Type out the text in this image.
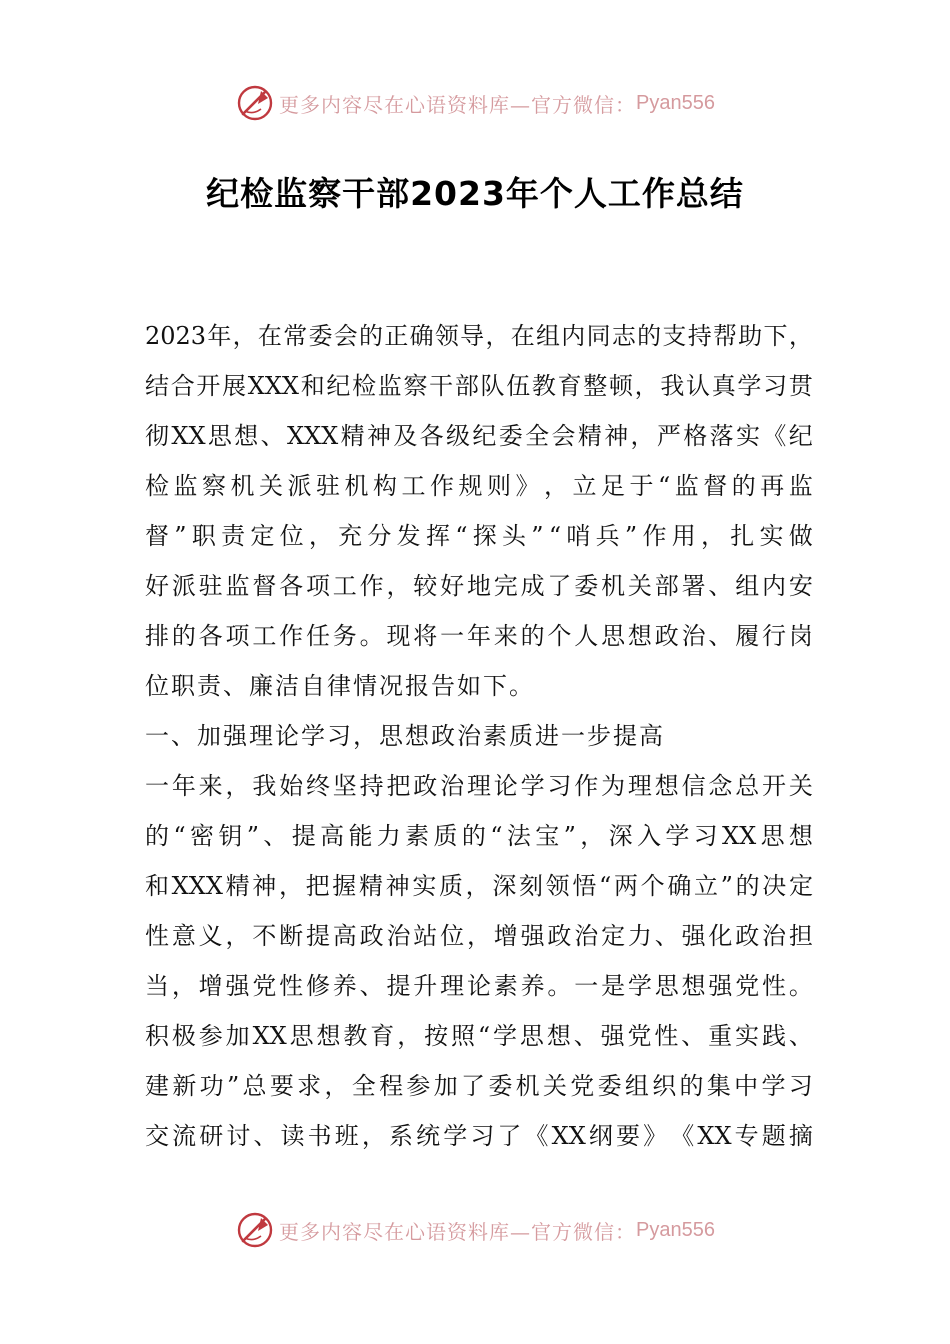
更多内容尽在心语资料库—官方微信： Pyan556
纪检监察干部2023年个人工作总结
2023 年 ， 在 常 委 会 的 正 确 领 导 ， 在 组 内 同 志 的 支 持 帮 助 下 ，
结 合 开 展 XXX 和 纪 检 监 察 干 部 队 伍 教 育 整 顿 ， 我 认 真 学 习 贯
彻 XX 思 想 、 XXX 精 神 及 各 级 纪 委 全 会 精 神 ， 严 格 落 实 《 纪
检 监 察 机 关 派 驻 机 构 工 作 规 则 》 ， 立 足 于 “ 监 督 的 再 监
督 ” 职 责 定 位 ， 充 分 发 挥 “ 探 头 ” “ 哨 兵 ” 作 用 ， 扎 实 做
好 派 驻 监 督 各 项 工 作 ， 较 好 地 完 成 了 委 机 关 部 署 、 组 内 安
排 的 各 项 工 作 任 务 。 现 将 一 年 来 的 个 人 思 想 政 治 、 履 行 岗
位职责、廉洁自律情况报告如下。
一、加强理论学习，思想政治素质进一步提高
一 年 来 ， 我 始 终 坚 持 把 政 治 理 论 学 习 作 为 理 想 信 念 总 开 关
的 “ 密 钥 ” 、 提 高 能 力 素 质 的 “ 法 宝 ” ， 深 入 学 习 XX 思 想
和 XXX 精 神 ， 把 握 精 神 实 质 ， 深 刻 领 悟 “ 两 个 确 立 ” 的 决 定
性 意 义 ， 不 断 提 高 政 治 站 位 ， 增 强 政 治 定 力 、 强 化 政 治 担
当 ， 增 强 党 性 修 养 、 提 升 理 论 素 养 。 一 是 学 思 想 强 党 性 。
积 极 参 加 XX 思 想 教 育 ， 按 照 “ 学 思 想 、 强 党 性 、 重 实 践 、
建 新 功 ” 总 要 求 ， 全 程 参 加 了 委 机 关 党 委 组 织 的 集 中 学 习
交 流 研 讨 、 读 书 班 ， 系 统 学 习 了 《 XX 纲 要 》 《 XX 专 题 摘
更多内容尽在心语资料库—官方微信： Pyan556
